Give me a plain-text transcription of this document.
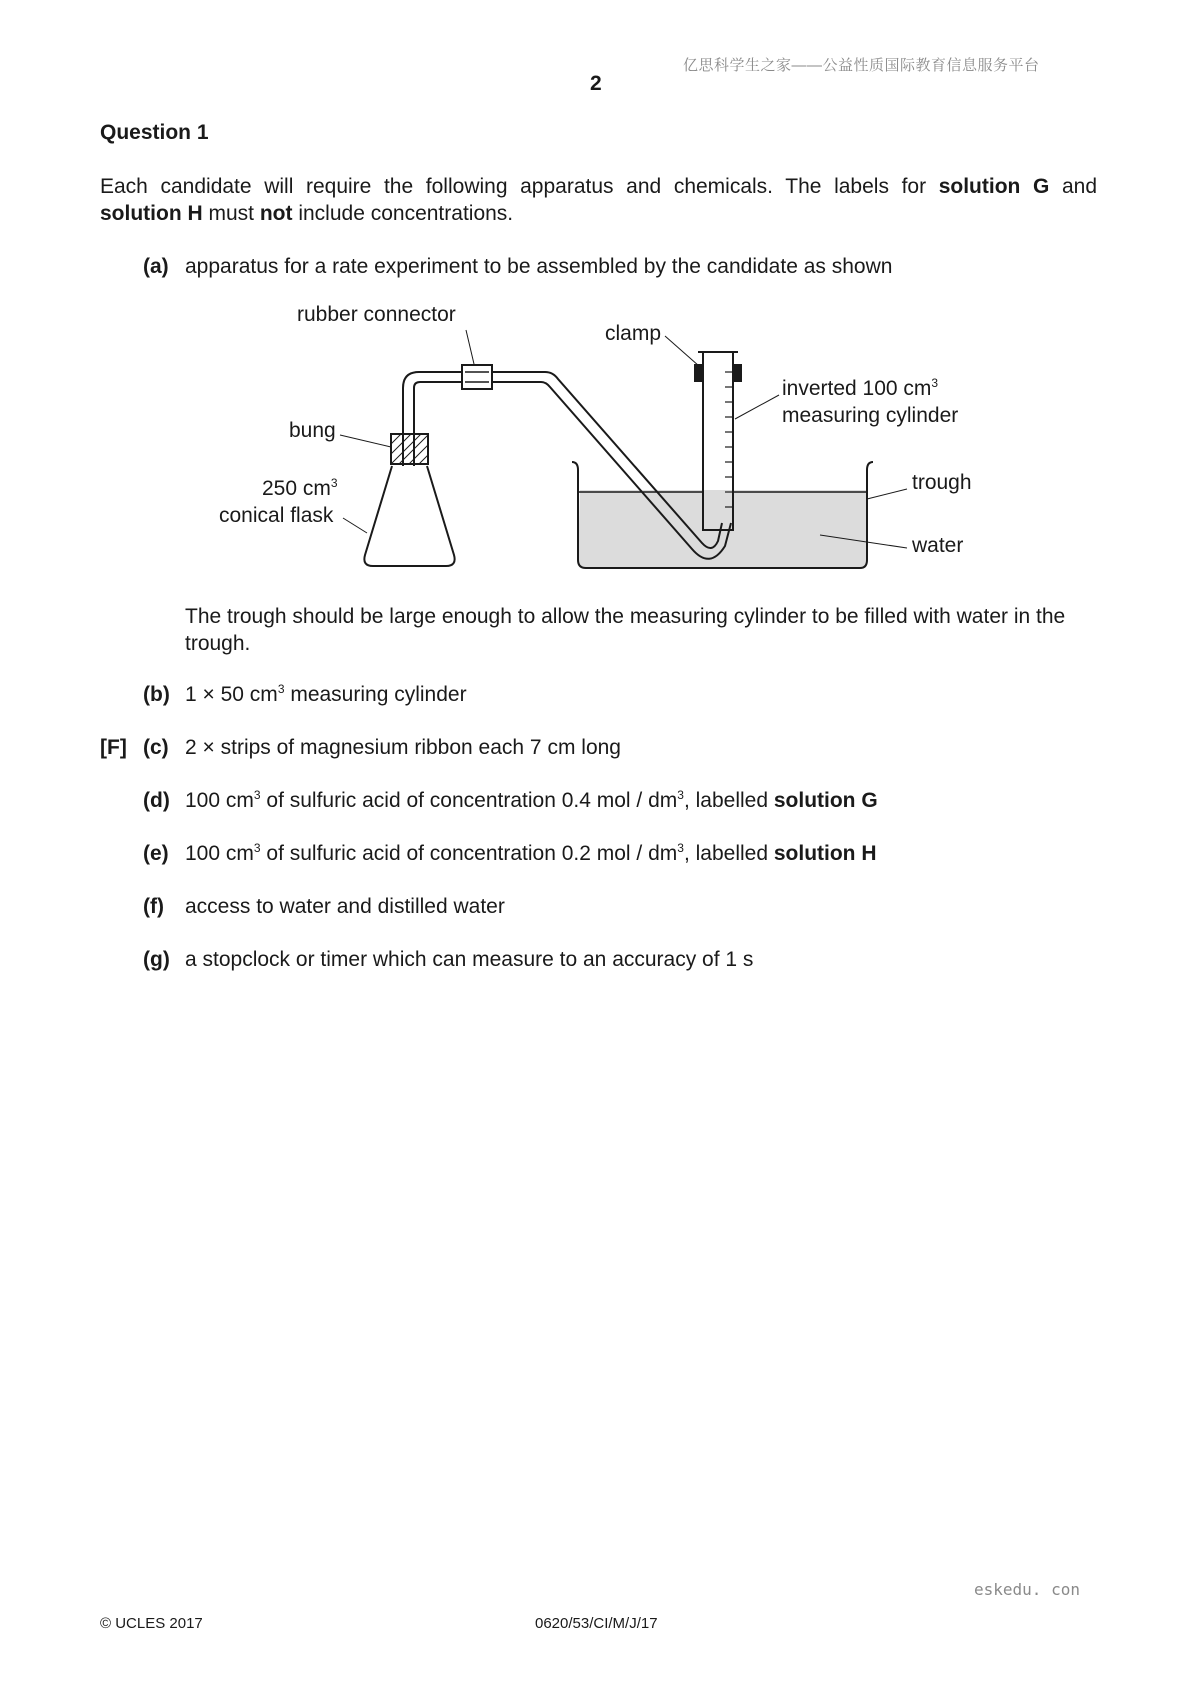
亿思科学生之家——公益性质国际教育信息服务平台
2
Question 1
Each candidate will require the following apparatus and chemicals. The labels for solution G and
solution H must not include concentrations.
(a) apparatus for a rate experiment to be assembled by the candidate as shown
rubber connector
clamp
inverted 100 $cm^3$
measuring cylinder
bung
250 $cm^3$
conical flask
trough
water
The trough should be large enough to allow the measuring cylinder to be filled with water in the trough.
(b) 1 × 50 $cm^3$ measuring cylinder
[F] (c) 2 × strips of magnesium ribbon each 7 cm long
(d) 100 $cm^3$ of sulfuric acid of concentration 0.4 mol / $dm^3$, labelled solution G
(e) 100 $cm^3$ of sulfuric acid of concentration 0.2 mol / $dm^3$, labelled solution H
(f) access to water and distilled water
(g) a stopclock or timer which can measure to an accuracy of 1 s
eskedu. con
© UCLES 2017	0620/53/CI/M/J/17
